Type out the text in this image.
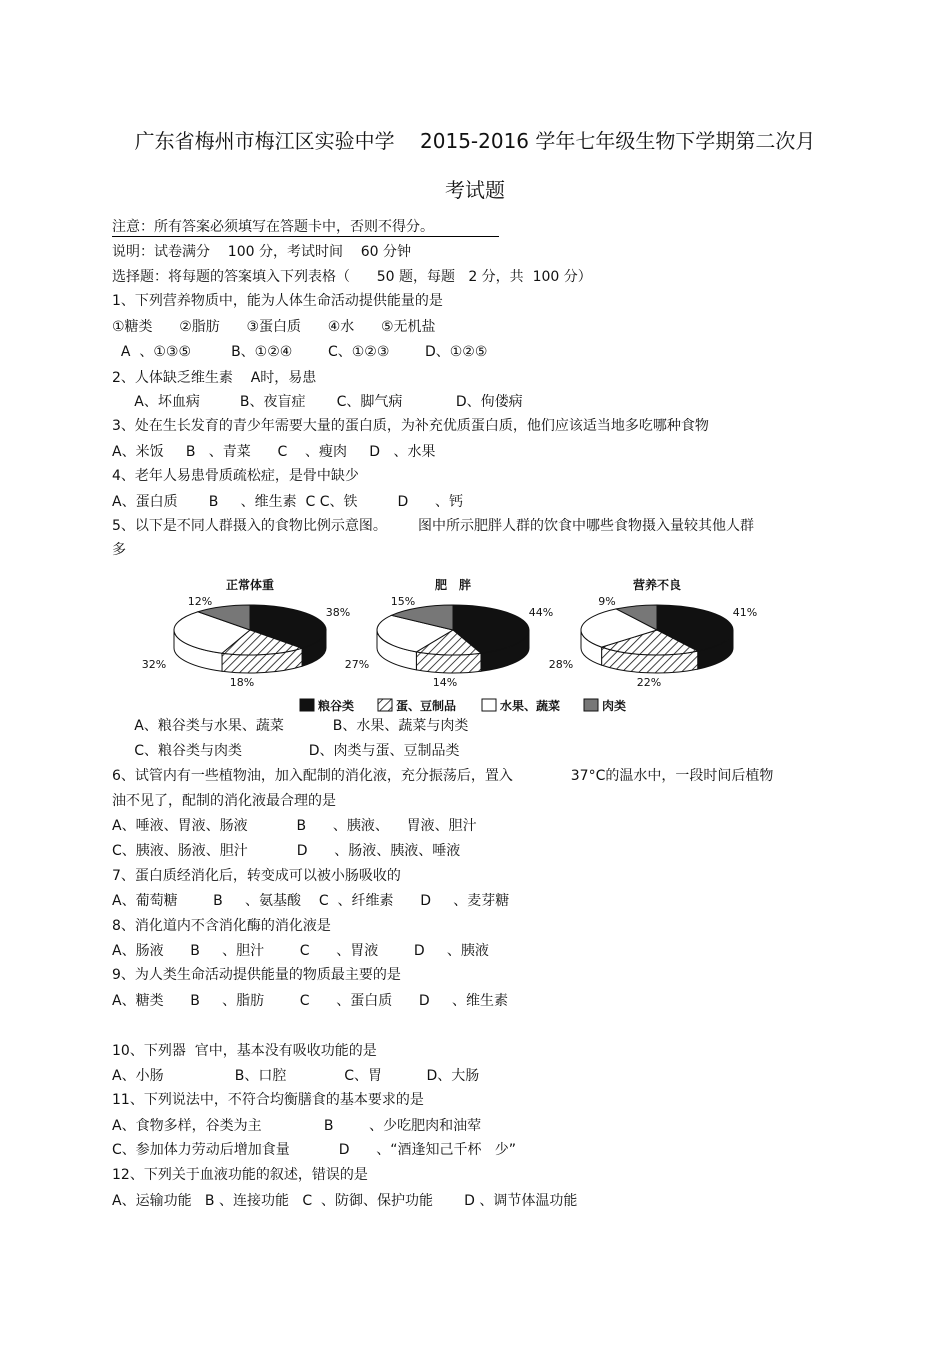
广东省梅州市梅江区实验中学    2015-2016 学年七年级生物下学期第二次月
考试题
注意：所有答案必须填写在答题卡中，否则不得分。
说明：试卷满分    100 分，考试时间    60 分钟
选择题：将每题的答案填入下列表格（      50 题，每题   2 分，共  100 分）
1、下列营养物质中，能为人体生命活动提供能量的是
①糖类      ②脂肪      ③蛋白质      ④水      ⑤无机盐
A  、①③⑤         B、①②④        C、①②③        D、①②⑤
2、人体缺乏维生素    A时，易患
A、坏血病         B、夜盲症       C、脚气病            D、佝偻病
3、处在生长发育的青少年需要大量的蛋白质，为补充优质蛋白质，他们应该适当地多吃哪种食物
A、米饭     B   、青菜      C    、瘦肉     D   、水果
4、老年人易患骨质疏松症，是骨中缺少
A、蛋白质       B     、维生素  C C、铁         D      、钙
5、以下是不同人群摄入的食物比例示意图。       图中所示肥胖人群的饮食中哪些食物摄入量较其他人群
多
正常体重
38%
18%
32%
12%
肥　胖
44%
14%
27%
15%
营养不良
41%
22%
28%
9%
粮谷类	蛋、豆制品	水果、蔬菜	肉类
A、粮谷类与水果、蔬菜           B、水果、蔬菜与肉类
C、粮谷类与肉类               D、肉类与蛋、豆制品类
6、试管内有一些植物油，加入配制的消化液，充分振荡后，置入             37°C的温水中，一段时间后植物
油不见了，配制的消化液最合理的是
A、唾液、胃液、肠液           B      、胰液、    胃液、胆汁
C、胰液、肠液、胆汁           D      、肠液、胰液、唾液
7、蛋白质经消化后，转变成可以被小肠吸收的
A、葡萄糖        B     、氨基酸    C  、纤维素      D     、麦芽糖
8、消化道内不含消化酶的消化液是
A、肠液      B     、胆汁        C      、胃液        D     、胰液
9、为人类生命活动提供能量的物质最主要的是
A、糖类      B     、脂肪        C      、蛋白质      D     、维生素
10、下列器  官中，基本没有吸收功能的是
A、小肠                B、口腔             C、胃          D、大肠
11、下列说法中，不符合均衡膳食的基本要求的是
A、食物多样，谷类为主              B        、少吃肥肉和油荤
C、参加体力劳动后增加食量           D      、“酒逢知己千杯   少”
12、下列关于血液功能的叙述，错误的是
A、运输功能   B 、连接功能   C  、防御、保护功能       D 、调节体温功能
